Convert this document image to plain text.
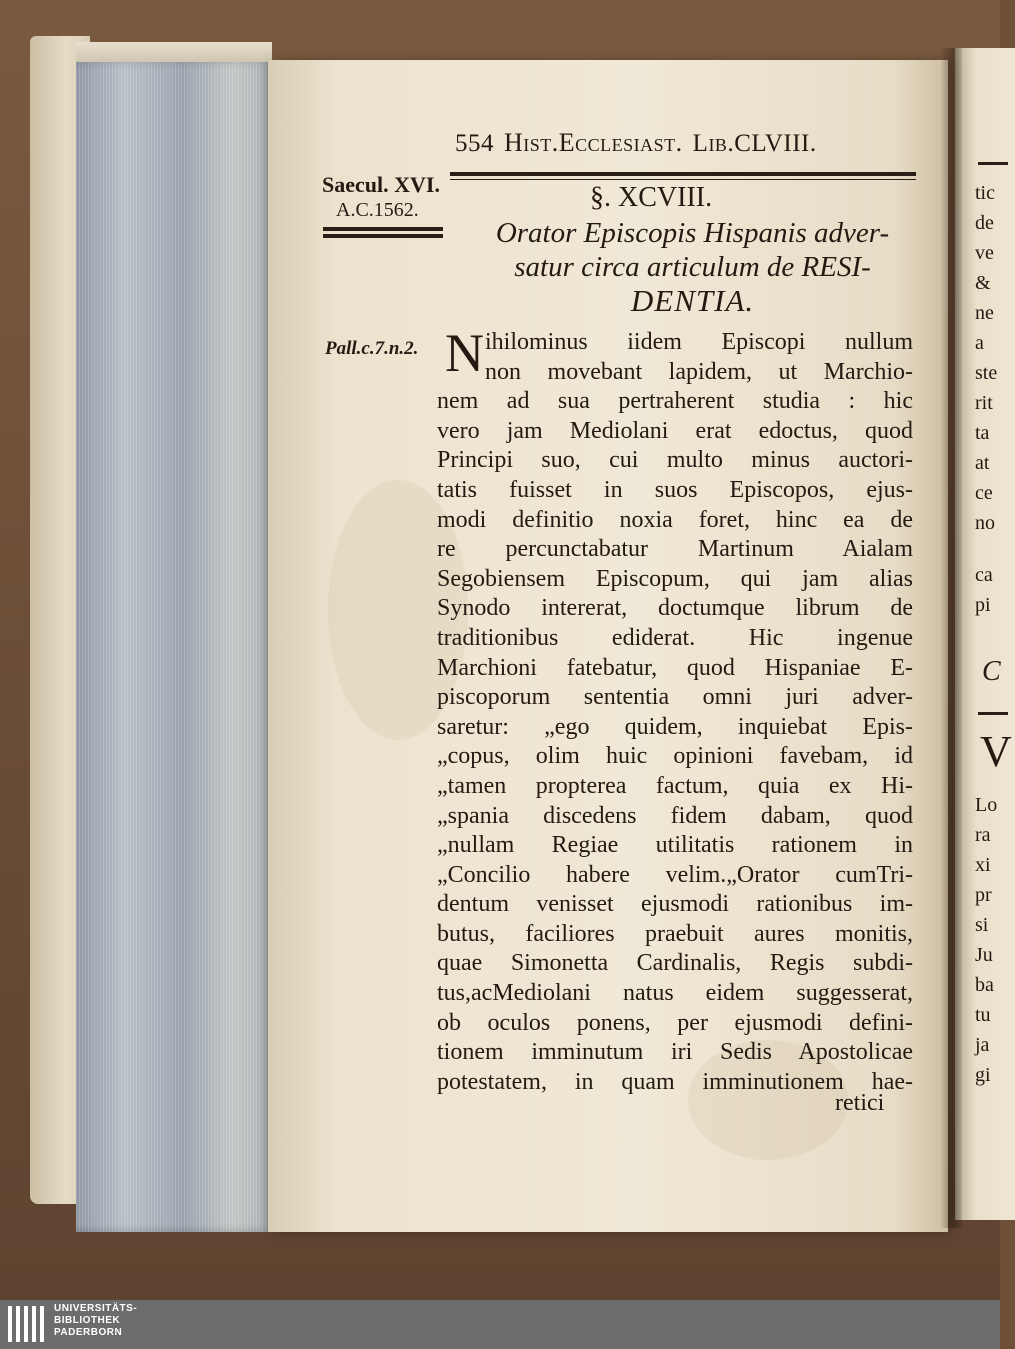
554 Hist.Ecclesiast. Lib.CLVIII.
Saecul. XVI.
A.C.1562.
Pall.c.7.n.2.
§. XCVIII.
Orator Episcopis Hispanis adver-
satur circa articulum de RESI-
DENTIA.
N ihilominus iidem Episcopi nullum
non movebant lapidem, ut Marchio-
nem ad sua pertraherent studia : hic
vero jam Mediolani erat edoctus, quod
Principi suo, cui multo minus auctori-
tatis fuisset in suos Episcopos, ejus-
modi definitio noxia foret, hinc ea de
re percunctabatur Martinum Aialam
Segobiensem Episcopum, qui jam alias
Synodo intererat, doctumque librum de
traditionibus ediderat. Hic ingenue
Marchioni fatebatur, quod Hispaniae E-
piscoporum sententia omni juri adver-
saretur: „ego quidem, inquiebat Epis-
„copus, olim huic opinioni favebam, id
„tamen propterea factum, quia ex Hi-
„spania discedens fidem dabam, quod
„nullam Regiae utilitatis rationem in
„Concilio habere velim.„Orator cumTri-
dentum venisset ejusmodi rationibus im-
butus, faciliores praebuit aures monitis,
quae Simonetta Cardinalis, Regis subdi-
tus,acMediolani natus eidem suggesserat,
ob oculos ponens, per ejusmodi defini-
tionem imminutum iri Sedis Apostolicae
potestatem, in quam imminutionem hae-
retici
tic
de
ve
&
ne
a
ste
rit
ta
at
ce
no
ca
pi
C
V
Lo
ra
xi
pr
si
Ju
ba
tu
ja
gi
UNIVERSITÄTS-
BIBLIOTHEK
PADERBORN
